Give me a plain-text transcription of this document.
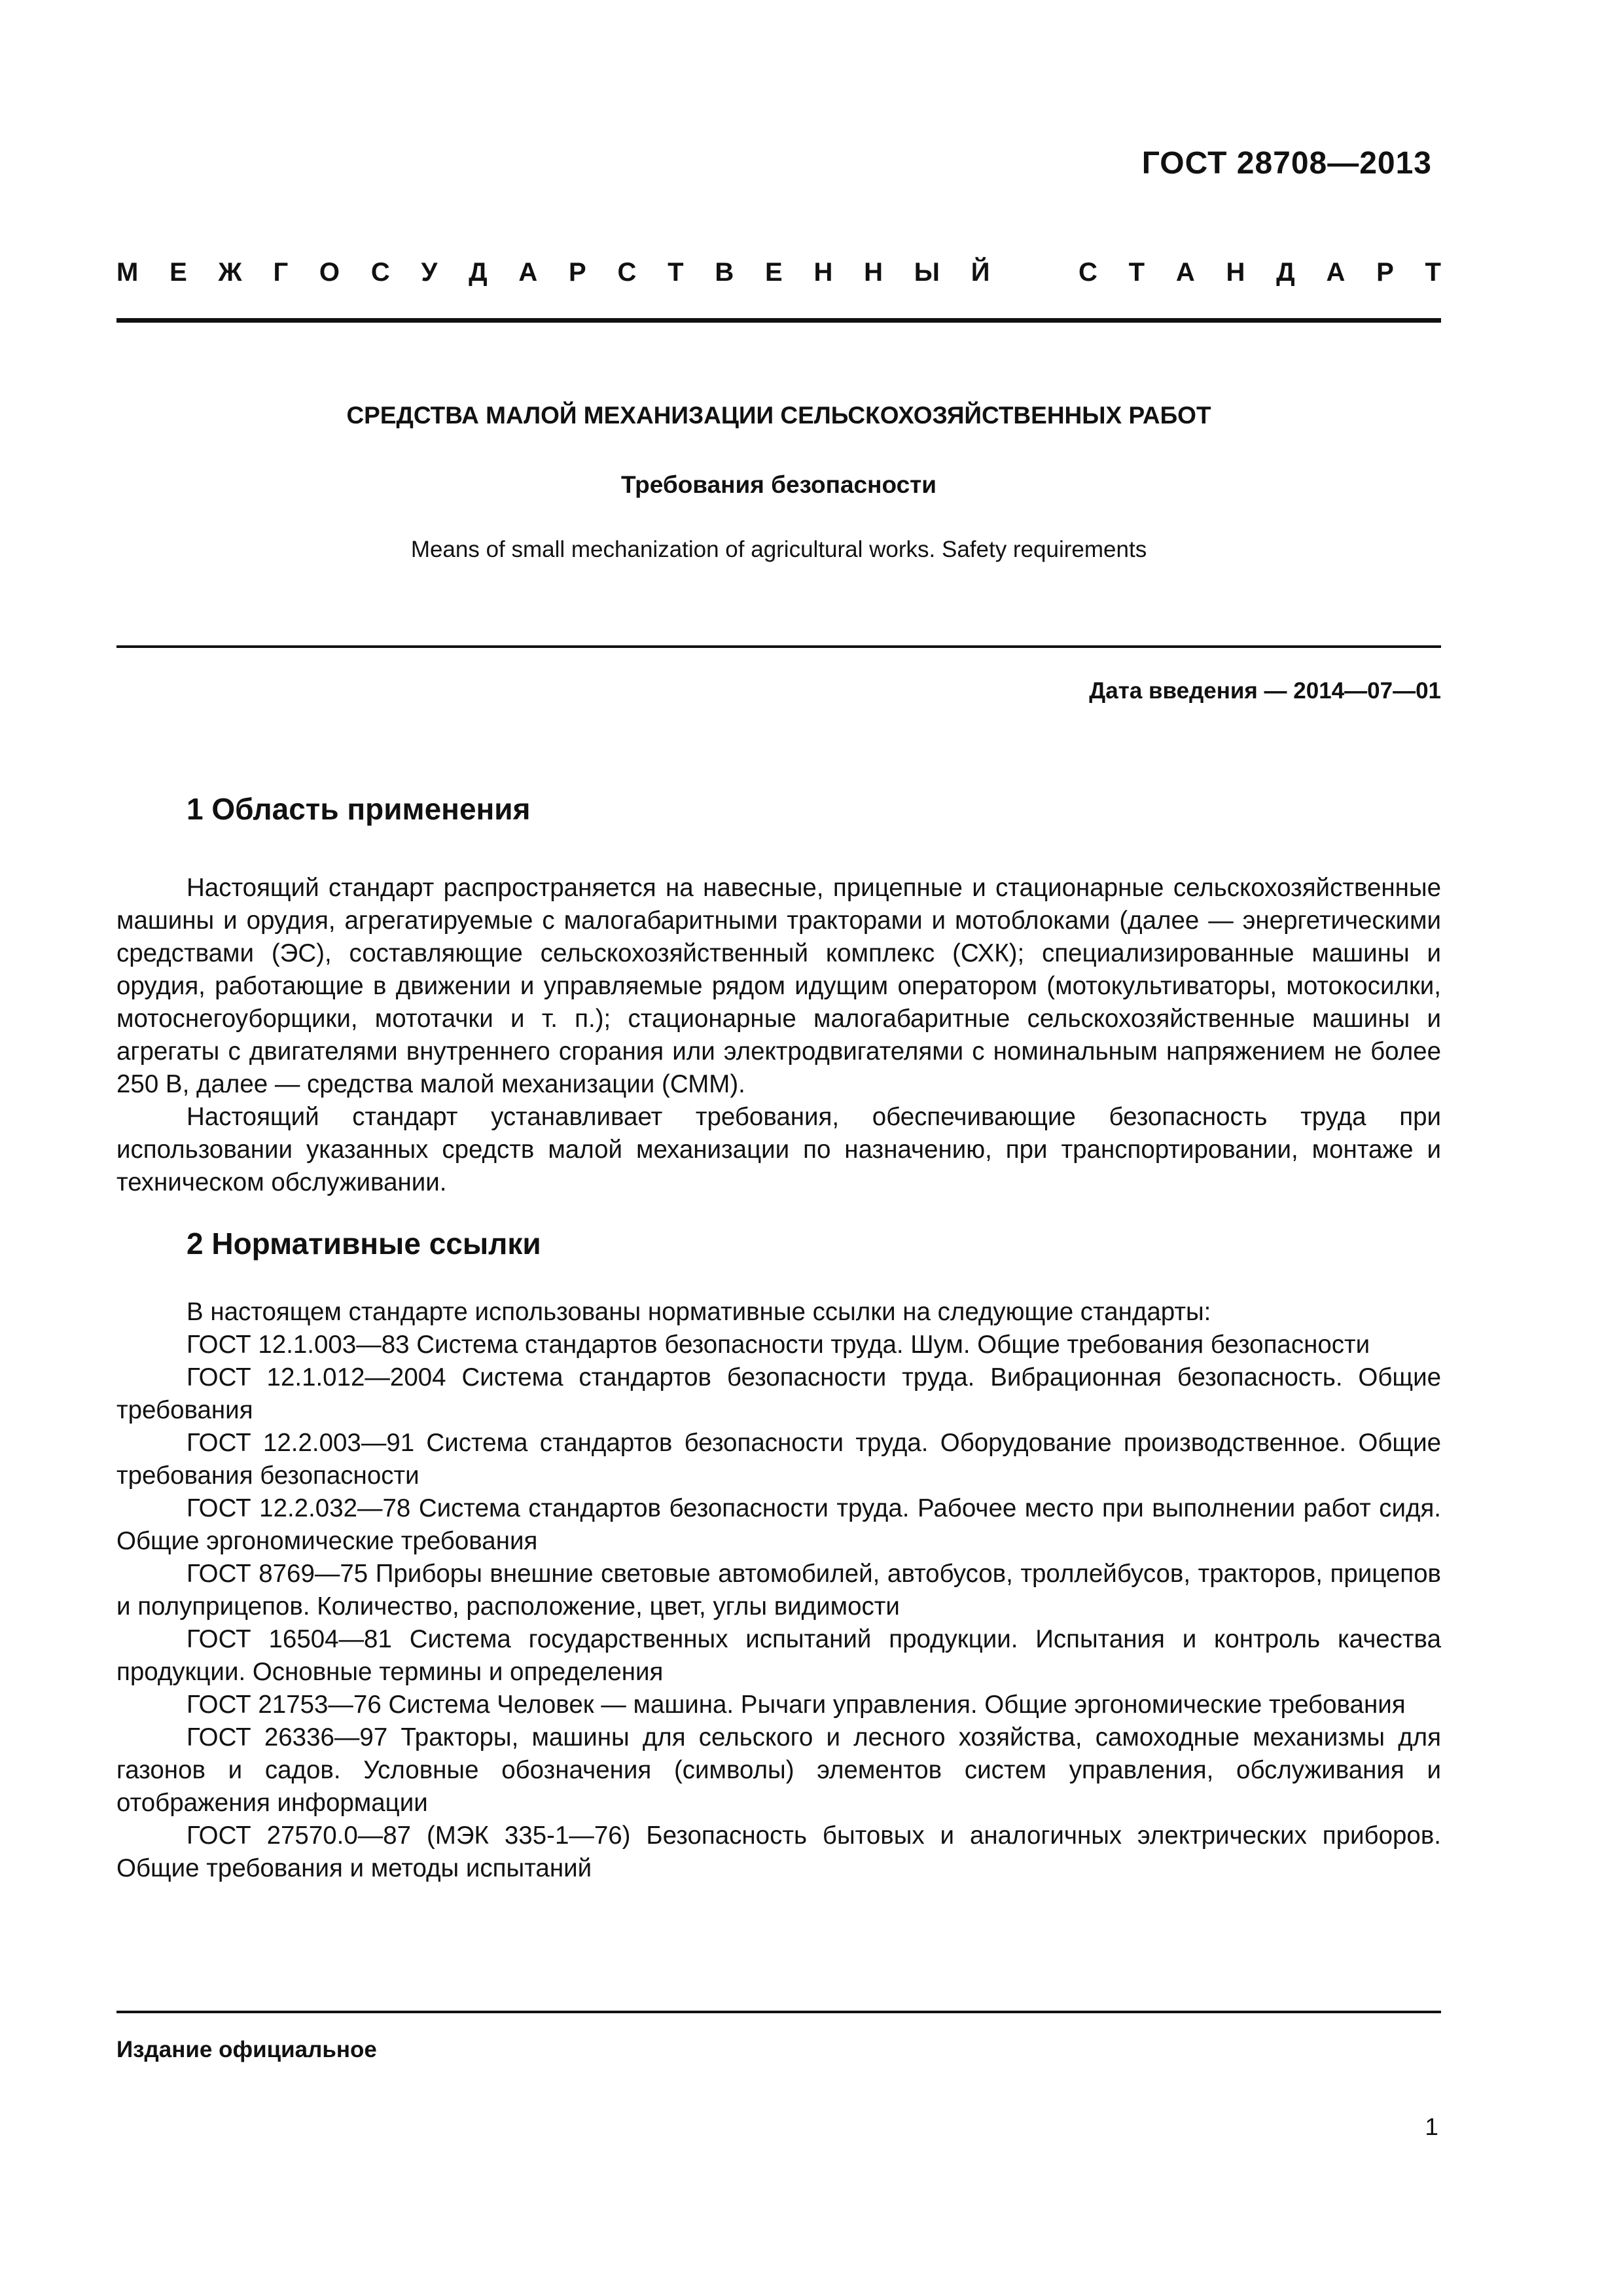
ГОСТ 28708—2013
М Е Ж Г О С У Д А Р С Т В Е Н Н Ы Й	С Т А Н Д А Р Т
СРЕДСТВА МАЛОЙ МЕХАНИЗАЦИИ СЕЛЬСКОХОЗЯЙСТВЕННЫХ РАБОТ
Требования безопасности
Means of small mechanization of agricultural works. Safety requirements
Дата введения — 2014—07—01
1 Область применения

Настоящий стандарт распространяется на навесные, прицепные и стационарные сельскохозяйственные машины и орудия, агрегатируемые с малогабаритными тракторами и мотоблоками (далее — энергетическими средствами (ЭС), составляющие сельскохозяйственный комплекс (СХК); специализированные машины и орудия, работающие в движении и управляемые рядом идущим оператором (мотокультиваторы, мотокосилки, мотоснегоуборщики, мототачки и т. п.); стационарные малогабаритные сельскохозяйственные машины и агрегаты с двигателями внутреннего сгорания или электродвигателями с номинальным напряжением не более 250 В, далее — средства малой механизации (СММ).

Настоящий стандарт устанавливает требования, обеспечивающие безопасность труда при использовании указанных средств малой механизации по назначению, при транспортировании, монтаже и техническом обслуживании.

2 Нормативные ссылки

В настоящем стандарте использованы нормативные ссылки на следующие стандарты:

ГОСТ 12.1.003—83 Система стандартов безопасности труда. Шум. Общие требования безопасности

ГОСТ 12.1.012—2004 Система стандартов безопасности труда. Вибрационная безопасность. Общие требования

ГОСТ 12.2.003—91 Система стандартов безопасности труда. Оборудование производственное. Общие требования безопасности

ГОСТ 12.2.032—78 Система стандартов безопасности труда. Рабочее место при выполнении работ сидя. Общие эргономические требования

ГОСТ 8769—75 Приборы внешние световые автомобилей, автобусов, троллейбусов, тракторов, прицепов и полуприцепов. Количество, расположение, цвет, углы видимости

ГОСТ 16504—81 Система государственных испытаний продукции. Испытания и контроль качества продукции. Основные термины и определения

ГОСТ 21753—76 Система Человек — машина. Рычаги управления. Общие эргономические требования

ГОСТ 26336—97 Тракторы, машины для сельского и лесного хозяйства, самоходные механизмы для газонов и садов. Условные обозначения (символы) элементов систем управления, обслуживания и отображения информации

ГОСТ 27570.0—87 (МЭК 335-1—76) Безопасность бытовых и аналогичных электрических приборов. Общие требования и методы испытаний

Издание официальное
1
